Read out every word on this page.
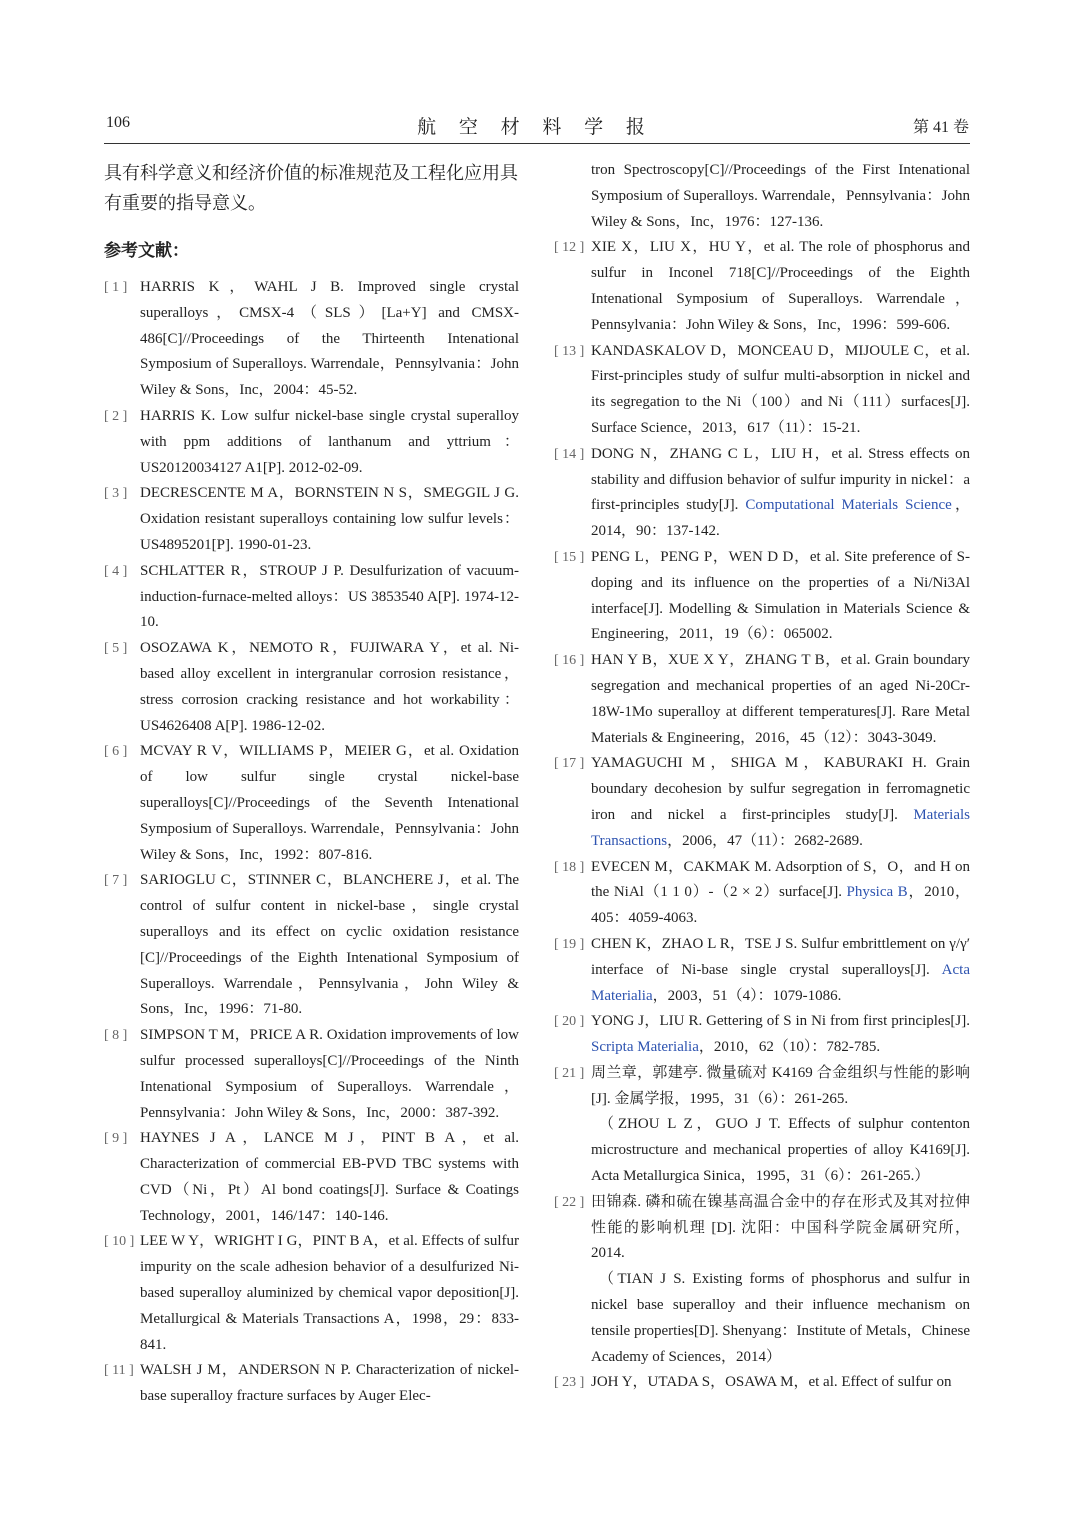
106	航 空 材 料 学 报	第 41 卷

具有科学意义和经济价值的标准规范及工程化应用具有重要的指导意义。

参考文献：

[ 1 ] HARRIS K，WAHL J B. Improved single crystal superalloys，CMSX-4（SLS）[La+Y] and CMSX-486[C]//Proceedings of the Thirteenth Intenational Symposium of Superalloys. Warrendale，Pennsylvania：John Wiley & Sons，Inc，2004：45-52.

[ 2 ] HARRIS K. Low sulfur nickel-base single crystal superalloy with ppm additions of lanthanum and yttrium：US20120034127 A1[P]. 2012-02-09.

[ 3 ] DECRESCENTE M A，BORNSTEIN N S，SMEGGIL J G. Oxidation resistant superalloys containing low sulfur levels：US4895201[P]. 1990-01-23.

[ 4 ] SCHLATTER R，STROUP J P. Desulfurization of vacuum-induction-furnace-melted alloys：US 3853540 A[P]. 1974-12-10.

[ 5 ] OSOZAWA K，NEMOTO R，FUJIWARA Y，et al. Ni-based alloy excellent in intergranular corrosion resistance，stress corrosion cracking resistance and hot workability：US4626408 A[P]. 1986-12-02.

[ 6 ] MCVAY R V，WILLIAMS P，MEIER G，et al. Oxidation of low sulfur single crystal nickel-base superalloys[C]//Proceedings of the Seventh Intenational Symposium of Superalloys. Warrendale，Pennsylvania：John Wiley & Sons，Inc，1992：807-816.

[ 7 ] SARIOGLU C，STINNER C，BLANCHERE J，et al. The control of sulfur content in nickel-base，single crystal superalloys and its effect on cyclic oxidation resistance [C]//Proceedings of the Eighth Intenational Symposium of Superalloys. Warrendale，Pennsylvania，John Wiley & Sons，Inc，1996：71-80.

[ 8 ] SIMPSON T M，PRICE A R. Oxidation improvements of low sulfur processed superalloys[C]//Proceedings of the Ninth Intenational Symposium of Superalloys. Warrendale，Pennsylvania：John Wiley & Sons，Inc，2000：387-392.

[ 9 ] HAYNES J A，LANCE M J，PINT B A，et al. Characterization of commercial EB-PVD TBC systems with CVD（Ni，Pt）Al bond coatings[J]. Surface & Coatings Technology，2001，146/147：140-146.

[ 10 ] LEE W Y，WRIGHT I G，PINT B A，et al. Effects of sulfur impurity on the scale adhesion behavior of a desulfurized Ni-based superalloy aluminized by chemical vapor deposition[J]. Metallurgical & Materials Transactions A，1998，29：833-841.

[ 11 ] WALSH J M，ANDERSON N P. Characterization of nickel-base superalloy fracture surfaces by Auger Elec-

tron Spectroscopy[C]//Proceedings of the First Intenational Symposium of Superalloys. Warrendale，Pennsylvania：John Wiley & Sons，Inc，1976：127-136.

[ 12 ] XIE X，LIU X，HU Y，et al. The role of phosphorus and sulfur in Inconel 718[C]//Proceedings of the Eighth Intenational Symposium of Superalloys. Warrendale，Pennsylvania：John Wiley & Sons，Inc，1996：599-606.

[ 13 ] KANDASKALOV D，MONCEAU D，MIJOULE C，et al. First-principles study of sulfur multi-absorption in nickel and its segregation to the Ni（100）and Ni（111）surfaces[J]. Surface Science，2013，617（11）：15-21.

[ 14 ] DONG N，ZHANG C L，LIU H，et al. Stress effects on stability and diffusion behavior of sulfur impurity in nickel：a first-principles study[J]. Computational Materials Science，2014，90：137-142.

[ 15 ] PENG L，PENG P，WEN D D，et al. Site preference of S-doping and its influence on the properties of a Ni/Ni3Al interface[J]. Modelling & Simulation in Materials Science & Engineering，2011，19（6）：065002.

[ 16 ] HAN Y B，XUE X Y，ZHANG T B，et al. Grain boundary segregation and mechanical properties of an aged Ni-20Cr-18W-1Mo superalloy at different temperatures[J]. Rare Metal Materials & Engineering，2016，45（12）：3043-3049.

[ 17 ] YAMAGUCHI M，SHIGA M，KABURAKI H. Grain boundary decohesion by sulfur segregation in ferromagnetic iron and nickel a first-principles study[J]. Materials Transactions，2006，47（11）：2682-2689.

[ 18 ] EVECEN M，CAKMAK M. Adsorption of S，O，and H on the NiAl（1 1 0）-（2 × 2）surface[J]. Physica B，2010，405：4059-4063.

[ 19 ] CHEN K，ZHAO L R，TSE J S. Sulfur embrittlement on γ/γ′ interface of Ni-base single crystal superalloys[J]. Acta Materialia，2003，51（4）：1079-1086.

[ 20 ] YONG J，LIU R. Gettering of S in Ni from first principles[J]. Scripta Materialia，2010，62（10）：782-785.

[ 21 ] 周兰章，郭建亭. 微量硫对 K4169 合金组织与性能的影响 [J]. 金属学报，1995，31（6）：261-265.
（ZHOU L Z，GUO J T. Effects of sulphur contenton microstructure and mechanical properties of alloy K4169[J]. Acta Metallurgica Sinica，1995，31（6）：261-265.）

[ 22 ] 田锦森. 磷和硫在镍基高温合金中的存在形式及其对拉伸性能的影响机理 [D]. 沈阳：中国科学院金属研究所，2014.
（TIAN J S. Existing forms of phosphorus and sulfur in nickel base superalloy and their influence mechanism on tensile properties[D]. Shenyang：Institute of Metals，Chinese Academy of Sciences，2014）

[ 23 ] JOH Y，UTADA S，OSAWA M，et al. Effect of sulfur on
